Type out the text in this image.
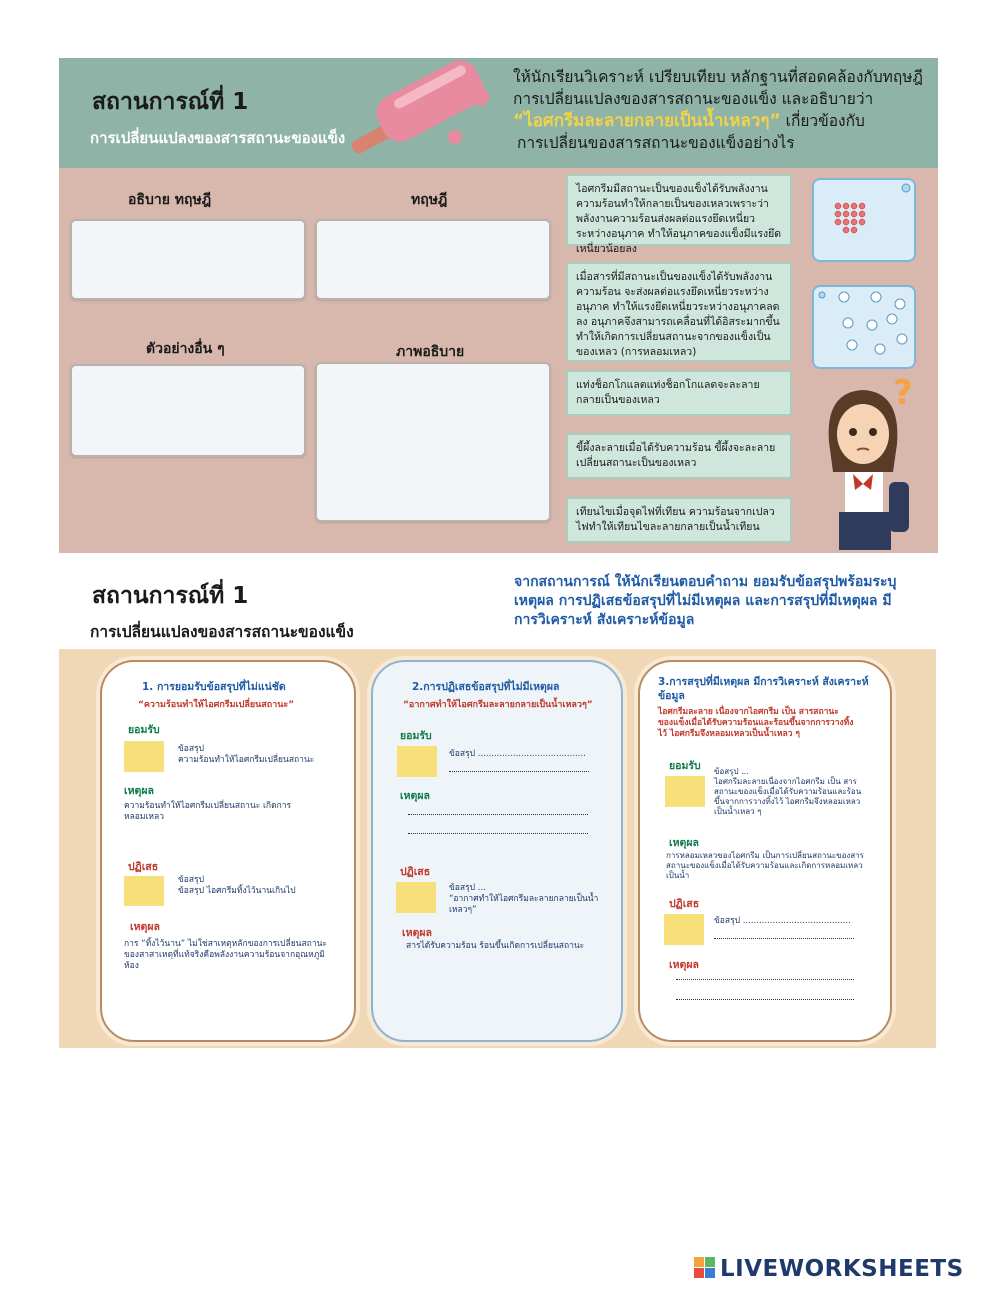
สถานการณ์ที่ 1
การเปลี่ยนแปลงของสารสถานะของแข็ง
ให้นักเรียนวิเคราะห์ เปรียบเทียบ หลักฐานที่สอดคล้องกับทฤษฎี
การเปลี่ยนแปลงของสารสถานะของแข็ง และอธิบายว่า
“ไอศกรีมละลายกลายเป็นน้ำเหลวๆ” เกี่ยวข้องกับ
การเปลี่ยนของสารสถานะของแข็งอย่างไร
อธิบาย ทฤษฎี	ทฤษฎี
ตัวอย่างอื่น ๆ	ภาพอธิบาย
ไอศกรีมมีสถานะเป็นของแข็งได้รับพลังงานความร้อนทำให้กลายเป็นของเหลวเพราะว่าพลังงานความร้อนส่งผลต่อแรงยึดเหนี่ยวระหว่างอนุภาค ทำให้อนุภาคของแข็งมีแรงยึดเหนี่ยวน้อยลง
เมื่อสารที่มีสถานะเป็นของแข็งได้รับพลังงานความร้อน จะส่งผลต่อแรงยึดเหนี่ยวระหว่างอนุภาค ทำให้แรงยึดเหนี่ยวระหว่างอนุภาคลดลง อนุภาคจึงสามารถเคลื่อนที่ได้อิสระมากขึ้น ทำให้เกิดการเปลี่ยนสถานะจากของแข็งเป็นของเหลว (การหลอมเหลว)
แท่งช็อกโกแลตแท่งช็อกโกแลตจะละลายกลายเป็นของเหลว
ขี้ผึ้งละลายเมื่อได้รับความร้อน ขี้ผึ้งจะละลายเปลี่ยนสถานะเป็นของเหลว
เทียนไขเมื่อจุดไฟที่เทียน ความร้อนจากเปลวไฟทำให้เทียนไขละลายกลายเป็นน้ำเทียน
?
สถานการณ์ที่ 1
การเปลี่ยนแปลงของสารสถานะของแข็ง
จากสถานการณ์ ให้นักเรียนตอบคำถาม ยอมรับข้อสรุปพร้อมระบุเหตุผล การปฏิเสธข้อสรุปที่ไม่มีเหตุผล และการสรุปที่มีเหตุผล มีการวิเคราะห์ สังเคราะห์ข้อมูล
1. การยอมรับข้อสรุปที่ไม่แน่ชัด
“ความร้อนทำให้ไอศกรีมเปลี่ยนสถานะ”
ยอมรับ
ข้อสรุป
ความร้อนทำให้ไอศกรีมเปลี่ยนสถานะ
เหตุผล
ความร้อนทำให้ไอศกรีมเปลี่ยนสถานะ เกิดการหลอมเหลว
ปฏิเสธ
ข้อสรุป
ข้อสรุป ไอศกรีมทิ้งไว้นานเกินไป
เหตุผล
การ “ทิ้งไว้นาน” ไม่ใช่สาเหตุหลักของการเปลี่ยนสถานะของสาสาเหตุที่แท้จริงคือพลังงานความร้อนจากอุณหภูมิห้อง
2.การปฏิเสธข้อสรุปที่ไม่มีเหตุผล
“อากาศทำให้ไอศกรีมละลายกลายเป็นน้ำเหลวๆ”
ยอมรับ
ข้อสรุป ........................................
เหตุผล
ปฏิเสธ
ข้อสรุป ...
“อากาศทำให้ไอศกรีมละลายกลายเป็นน้ำเหลวๆ”
เหตุผล
สารได้รับความร้อน ร้อนขึ้นเกิดการเปลี่ยนสถานะ
3.การสรุปที่มีเหตุผล มีการวิเคราะห์ สังเคราะห์ข้อมูล
ไอศกรีมละลาย เนื่องจากไอศกรีม เป็น สารสถานะของแข็งเมื่อได้รับความร้อนและร้อนขึ้นจากการวางทิ้งไว้ ไอศกรีมจึงหลอมเหลวเป็นน้ำเหลว ๆ
ยอมรับ ข้อสรุป ...
ไอศกรีมละลายเนื่องจากไอศกรีม เป็น สารสถานะของแข็งเมื่อได้รับความร้อนและร้อนขึ้นจากการวางทิ้งไว้ ไอศกรีมจึงหลอมเหลวเป็นน้ำเหลว ๆ
เหตุผล
การหลอมเหลวของไอศกรีม เป็นการเปลี่ยนสถานะของสารสถานะของแข็งเมื่อได้รับความร้อนและเกิดการหลอมเหลวเป็นน้ำ
ปฏิเสธ
ข้อสรุป ........................................
เหตุผล
LIVEWORKSHEETS
